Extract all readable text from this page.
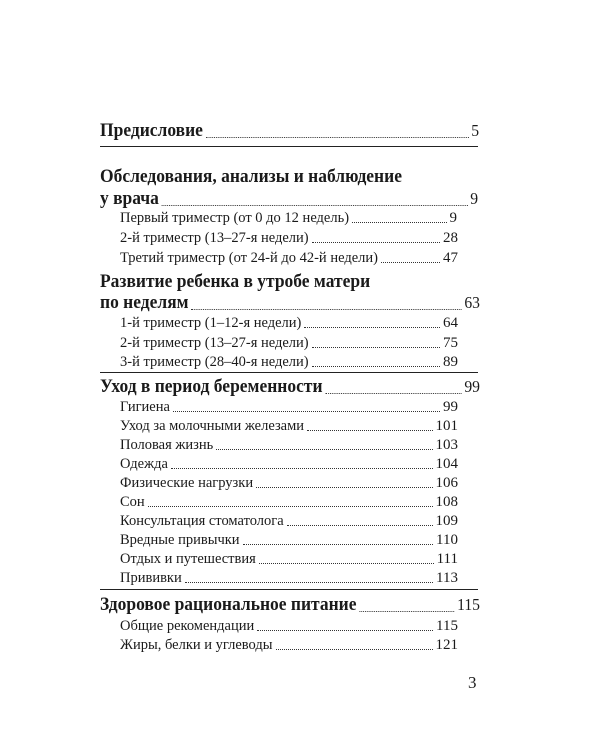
Предисловие	5
Обследования, анализы и наблюдение
у врача	9
Первый триместр (от 0 до 12 недель)	9
2-й триместр (13–27-я недели)	28
Третий триместр (от 24-й до 42-й недели)	47
Развитие ребенка в утробе матери
по неделям	63
1-й триместр (1–12-я недели)	64
2-й триместр (13–27-я недели)	75
3-й триместр (28–40-я недели)	89
Уход в период беременности	99
Гигиена	99
Уход за молочными железами	101
Половая жизнь	103
Одежда	104
Физические нагрузки	106
Сон	108
Консультация стоматолога	109
Вредные привычки	110
Отдых и путешествия	111
Прививки	113
Здоровое рациональное питание	115
Общие рекомендации	115
Жиры, белки и углеводы	121
3
